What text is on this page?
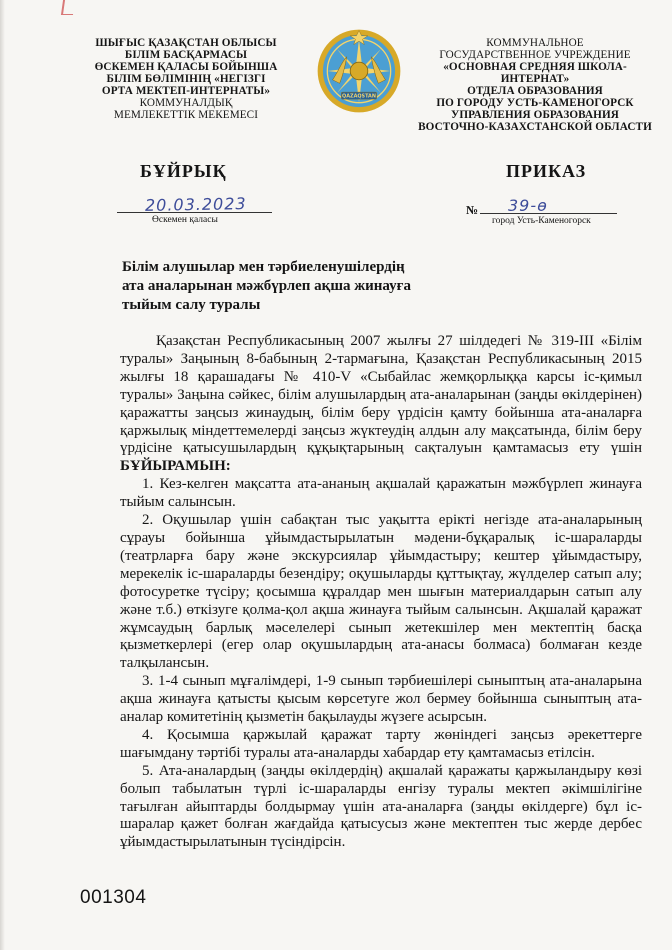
ШЫҒЫС ҚАЗАҚСТАН ОБЛЫСЫ
БІЛІМ БАСҚАРМАСЫ
ӨСКЕМЕН ҚАЛАСЫ БОЙЫНША
БІЛІМ БӨЛІМІНІҢ «НЕГІЗГІ
ОРТА МЕКТЕП-ИНТЕРНАТЫ»
КОММУНАЛДЫҚ
МЕМЛЕКЕТТІК МЕКЕМЕСІ
QAZAQSTAN
КОММУНАЛЬНОЕ
ГОСУДАРСТВЕННОЕ УЧРЕЖДЕНИЕ
«ОСНОВНАЯ СРЕДНЯЯ ШКОЛА-ИНТЕРНАТ»
ОТДЕЛА ОБРАЗОВАНИЯ
ПО ГОРОДУ УСТЬ-КАМЕНОГОРСК
УПРАВЛЕНИЯ ОБРАЗОВАНИЯ
ВОСТОЧНО-КАЗАХСТАНСКОЙ ОБЛАСТИ
БҰЙРЫҚ	ПРИКАЗ
20.03.2023
Өскемен қаласы
№ 39-ө
город Усть-Каменогорск
Білім алушылар мен тәрбиеленушілердің
ата аналарынан мәжбүрлеп ақша жинауға
тыйым салу туралы

Қазақстан Республикасының 2007 жылғы 27 шілдедегі № 319-ІІІ «Білім туралы» Заңының 8-бабының 2-тармағына, Қазақстан Республикасының 2015 жылғы 18 қарашадағы № 410-V «Сыбайлас жемқорлыққа карсы іс-қимыл туралы» Заңына сәйкес, білім алушылардың ата-аналарынан (заңды өкілдерінен) қаражатты заңсыз жинаудың, білім беру үрдісін қамту бойынша ата-аналарға қаржылық міндеттемелерді заңсыз жүктеудің алдын алу мақсатында, білім беру үрдісіне қатысушылардың құқықтарының сақталуын қамтамасыз ету үшін БҰЙЫРАМЫН:

1. Кез-келген мақсатта ата-ананың ақшалай қаражатын мәжбүрлеп жинауға тыйым салынсын.

2. Оқушылар үшін сабақтан тыс уақытта ерікті негізде ата-аналарының сұрауы бойынша ұйымдастырылатын мәдени-бұқаралық іс-шараларды (театрларға бару және экскурсиялар ұйымдастыру; кештер ұйымдастыру, мерекелік іс-шараларды безендіру; оқушыларды құттықтау, жүлделер сатып алу; фотосуретке түсіру; қосымша құралдар мен шығын материалдарын сатып алу және т.б.) өткізуге қолма-қол ақша жинауға тыйым салынсын. Ақшалай қаражат жұмсаудың барлық мәселелері сынып жетекшілер мен мектептің басқа қызметкерлері (егер олар оқушылардың ата-анасы болмаса) болмаған кезде талқылансын.

3. 1-4 сынып мұғалімдері, 1-9 сынып тәрбиешілері сыныптың ата-аналарына ақша жинауға қатысты қысым көрсетуге жол бермеу бойынша сыныптың ата-аналар комитетінің қызметін бақылауды жүзеге асырсын.

4. Қосымша қаржылай қаражат тарту жөніндегі заңсыз әрекеттерге шағымдану тәртібі туралы ата-аналарды хабардар ету қамтамасыз етілсін.

5. Ата-аналардың (заңды өкілдердің) ақшалай қаражаты қаржыландыру көзі болып табылатын түрлі іс-шараларды енгізу туралы мектеп әкімшілігіне тағылған айыптарды болдырмау үшін ата-аналарға (заңды өкілдерге) бұл іс-шаралар қажет болған жағдайда қатысусыз және мектептен тыс жерде дербес ұйымдастырылатынын түсіндірсін.

001304
